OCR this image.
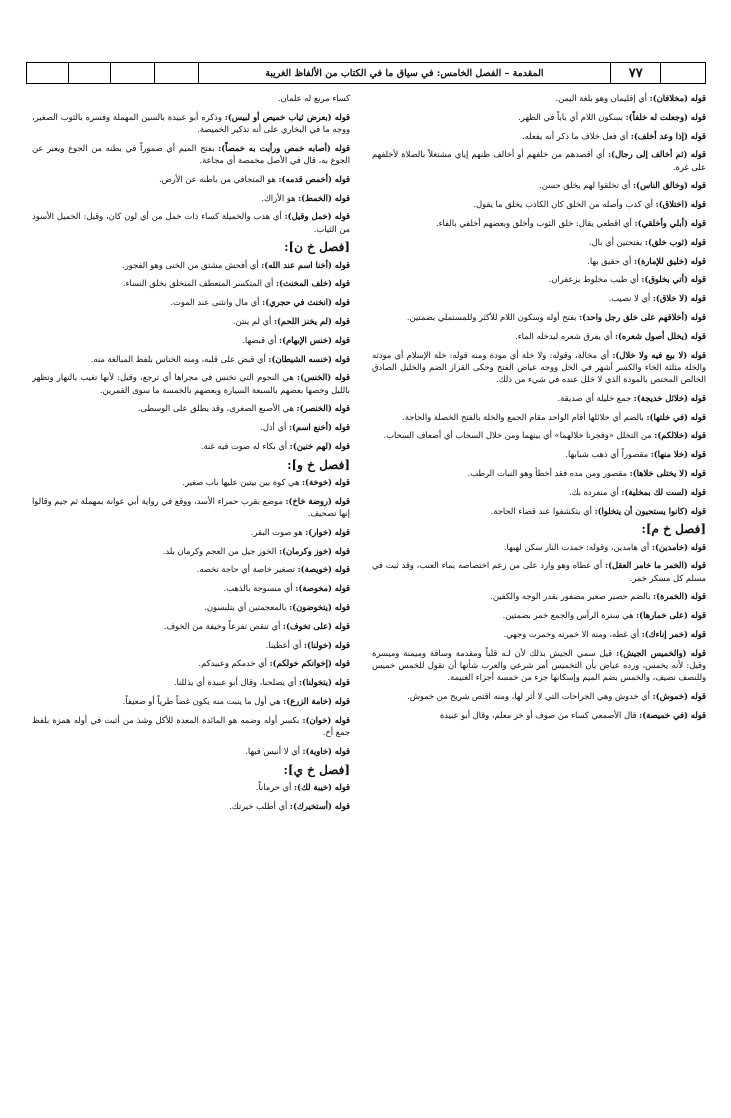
المقدمة – الفصل الخامس: في سياق ما في الكتاب من الألفاظ الغريبة	٧٧
قوله (مخلافان): أي إقليمان وهو بلغة اليمن.
قوله (وجعلت له خلفاً): بسكون اللام أي باباً في الظهر.
قوله (إذا وعد أخلف): أي فعل خلاف ما ذكر أنه يفعله.
قوله (ثم أخالف إلى رجال): أي أقصدهم من خلفهم أو أخالف ظنهم إياي مشتغلاً بالصلاة لأخلفهم على غرة.
قوله (وخالق الناس): أي تخلقوا لهم بخلق حسن.
قوله (اختلاق): أي كذب وأصله من الخلق كان الكاذب يخلق ما يقول.
قوله (أبلي وأخلقي): أي اقطعي يقال: خلق الثوب وأخلق وبعضهم أخلفي بالفاء.
قوله (ثوب خلق): بفتحتين أي بال.
قوله (خليق للإمارة): أي حقيق بها.
قوله (أتي بخلوق): أي طيب مخلوط بزعفران.
قوله (لا خلاق): أي لا نصيب.
قوله (أخلاقهم على خلق رجل واحد): بفتح أوله وسكون اللام للأكثر وللمستملي بضمتين.
قوله (يخلل أصول شعره): أي يفرق شعره ليدخله الماء.
قوله (لا بيع فيه ولا خلال): أي مخالة، وقوله: ولا خلة أي مودة ومنه قوله: خلة الإسلام أي مودته والخلة مثلثة الخاء والكسر أشهر في الخل ووجه عياض الفتح وحكى القزاز الضم والخليل الصادق الخالص المختص بالمودة الذي لا خلل عنده في شيء من ذلك.
قوله (خلائل خديجة): جمع خليلة أي صديقة.
قوله (في خلتها): بالضم أي حلائلها أقام الواحد مقام الجمع والخلة بالفتح الخصلة والحاجة.
قوله (خلالكم): من التخلل «وفجرنا خلالهما» أي بينهما ومن خلال السحاب أي أضعاف السحاب.
قوله (خلا منها): مقصوراً أي ذهب شبابها.
قوله (لا يختلى خلاها): مقصور ومن مده فقد أخطأ وهو النبات الرطب.
قوله (لست لك بمخلية): أي منفردة بك.
قوله (كانوا يستحيون أن يتخلوا): أي يتكشفوا عند قضاء الحاجة.
[فصل خ م]:
قوله (خامدين): أي هامدين، وقوله: خمدت النار سكن لهبها.
قوله (الخمر ما خامر العقل): أي غطاه وهو وارد على من زعم اختصاصه بماء العنب، وقد ثبت في مسلم كل مسكر خمر.
قوله (الخمرة): بالضم حصير صغير مضفور بقدر الوجه والكفين.
قوله (على خمارها): هي سترة الرأس والجمع خمر بضمتين.
قوله (خمر إناءك): أي غطه، ومنه الا خمرته وخمرت وجهي.
قوله (والخميس الجيش): قيل سمي الجيش بذلك لأن لـه قلباً ومقدمة وساقة وميمنة وميسرة وقيل: لأنه يخمس، ورده عياض بأن التخميس أمر شرعي والعرب شأنها أن تقول للخمس خميس وللنصف نصيف، والخمس بضم الميم وإسكانها جزء من خمسة أجزاء الغنيمة.
قوله (خموش): أي خدوش وهي الجراحات التي لا أثر لها، ومنه اقتص شريح من خموش.
قوله (في خميصة): قال الأصمعي كساء من صوف أو خز معلم، وقال أبو عبيدة
كساء مربع له علمان.
قوله (بعرض ثياب خميص أو لبيس): وذكره أبو عبيدة بالسين المهملة وفسره بالثوب الصغير، ووجه ما في البخاري على أنه تذكير الخميصة.
قوله (أصابه خمص ورأيت به خمصاً): بفتح الميم أي ضموراً في بطنه من الجوع ويعبر عن الجوع به، قال في الأصل مخمصة أي مجاعة.
قوله (أخمص قدمه): هو المتجافي من باطنه عن الأرض.
قوله (الخمط): هو الأراك.
قوله (خمل وقيل): أي هدب والخميلة كساء ذات خمل من أي لون كان، وقيل: الخميل الأسود من الثياب.
[فصل خ ن]:
قوله (أخنا اسم عند الله): أي أفحش مشتق من الخنى وهو الفجور.
قوله (خلف المخنث): أي المتكسر المتعطف المتخلق بخلق النساء.
قوله (انخنث في حجري): أي مال وانثنى عند الموت.
قوله (لم يخنز اللحم): أي لم ينتن.
قوله (خنس الإبهام): أي قبضها.
قوله (خنسه الشيطان): أي قبض على قلبه، ومنه الخناس بلفظ المبالغة منه.
قوله (الخنس): هي النجوم التي تخنس في مجراها أي ترجع، وقيل: لأنها تغيب بالنهار وتظهر بالليل وخصها بعضهم بالسبعة السيارة وبعضهم بالخمسة ما سوى القمرين.
قوله (الخنصر): هي الأصبع الصغرى، وقد يطلق على الوسطى.
قوله (أخنع اسم): أي أذل.
قوله (لهم خنين): أي بكاء له صوت فيه غنة.
[فصل خ و]:
قوله (خوخة): هي كوة بين بيتين عليها باب صغير.
قوله (روضة خاخ): موضع بقرب حمراء الأسد، ووقع في رواية أبي عوانة بمهملة ثم جيم وقالوا إنها تصحيف.
قوله (خوار): هو صوت البقر.
قوله (خوز وكرمان): الخوز جيل من العجم وكرمان بلد.
قوله (خويصة): تصغير خاصة أي حاجة تخصه.
قوله (مخوصة): أي منسوجة بالذهب.
قوله (يتخوضون): بالمعجمتين أي يتلبسون.
قوله (على تخوف): أي تنقص تفرعاً وخيفة من الخوف.
قوله (خولنا): أي أعطينا.
قوله (إخوانكم خولكم): أي خدمكم وعبيدكم.
قوله (يتخولنا): أي يصلحنا، وقال أبو عبيدة أي يذللنا.
قوله (خامة الزرع): هي أول ما ينبت منه يكون غضاً طرياً أو ضعيفاً.
قوله (خوان): بكسر أوله وضمه هو المائدة المعدة للأكل وشذ من أثبت في أوله همزة بلفظ جمع أخ.
قوله (خاوية): أي لا أنيس فيها.
[فصل خ ي]:
قوله (خيبة لك): أي حرماناً.
قوله (أستخيرك): أي أطلب خيرتك.
